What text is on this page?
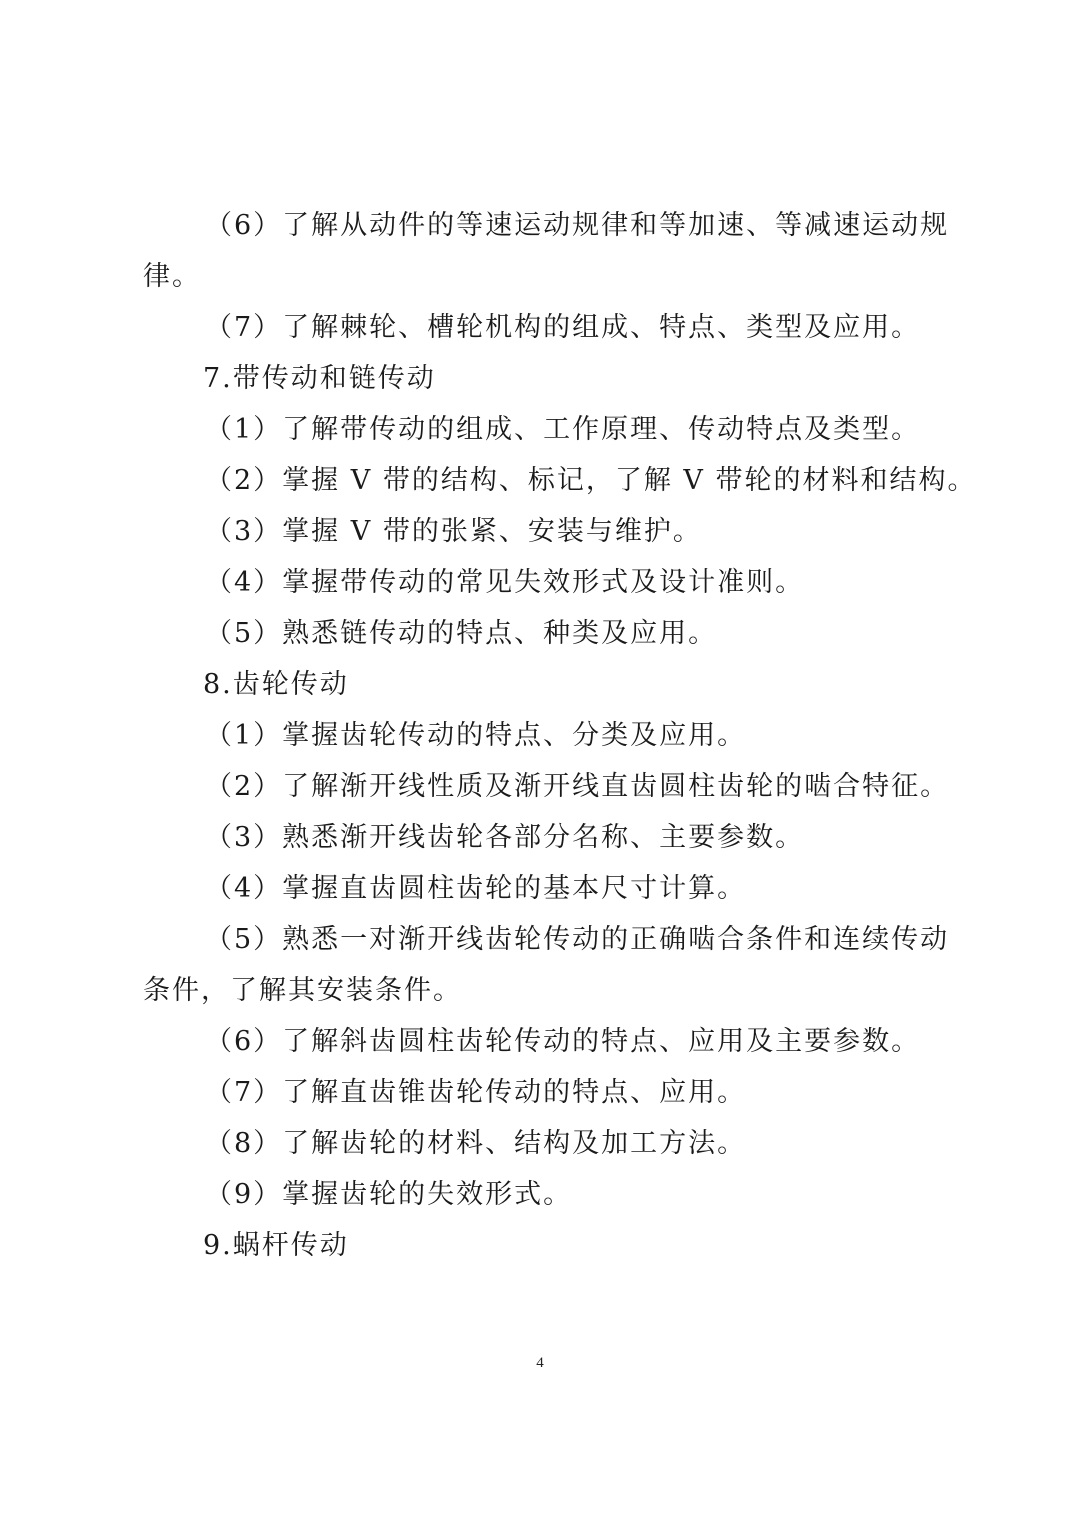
（6）了解从动件的等速运动规律和等加速、等减速运动规
律。
（7）了解棘轮、槽轮机构的组成、特点、类型及应用。
7.带传动和链传动
（1）了解带传动的组成、工作原理、传动特点及类型。
（2）掌握 V 带的结构、标记，了解 V 带轮的材料和结构。
（3）掌握 V 带的张紧、安装与维护。
（4）掌握带传动的常见失效形式及设计准则。
（5）熟悉链传动的特点、种类及应用。
8.齿轮传动
（1）掌握齿轮传动的特点、分类及应用。
（2）了解渐开线性质及渐开线直齿圆柱齿轮的啮合特征。
（3）熟悉渐开线齿轮各部分名称、主要参数。
（4）掌握直齿圆柱齿轮的基本尺寸计算。
（5）熟悉一对渐开线齿轮传动的正确啮合条件和连续传动
条件，了解其安装条件。
（6）了解斜齿圆柱齿轮传动的特点、应用及主要参数。
（7）了解直齿锥齿轮传动的特点、应用。
（8）了解齿轮的材料、结构及加工方法。
（9）掌握齿轮的失效形式。
9.蜗杆传动
4
